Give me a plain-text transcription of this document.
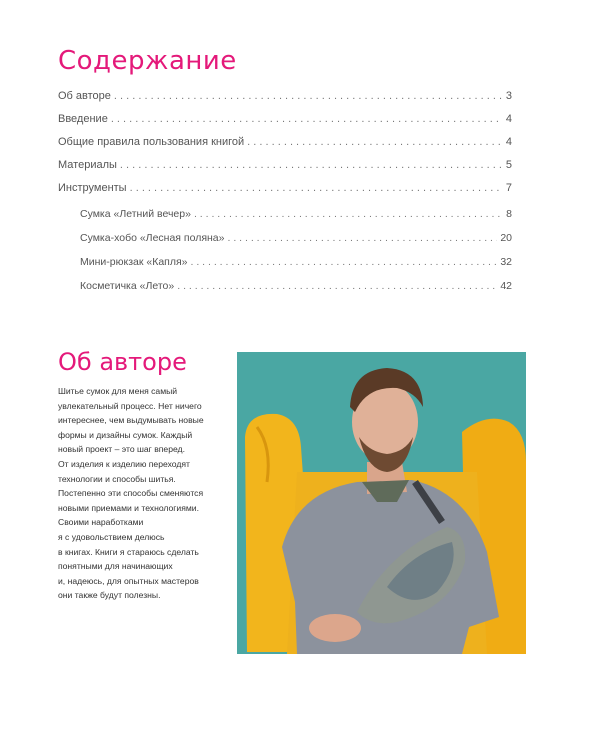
Содержание
Об авторе . . .	3
Введение . . .	4
Общие правила пользования книгой . . .	4
Материалы . . .	5
Инструменты . . .	7
Сумка «Летний вечер» . . .	8
Сумка-хобо «Лесная поляна» . . .	20
Мини-рюкзак «Капля» . . .	32
Косметичка «Лето» . . .	42
Об авторе
Шитье сумок для меня самый
увлекательный процесс. Нет ничего
интереснее, чем выдумывать новые
формы и дизайны сумок. Каждый
новый проект – это шаг вперед.
От изделия к изделию переходят
технологии и способы шитья.
Постепенно эти способы сменяются
новыми приемами и технологиями.
Своими наработками
я с удовольствием делюсь
в книгах. Книги я стараюсь сделать
понятными для начинающих
и, надеюсь, для опытных мастеров
они также будут полезны.
